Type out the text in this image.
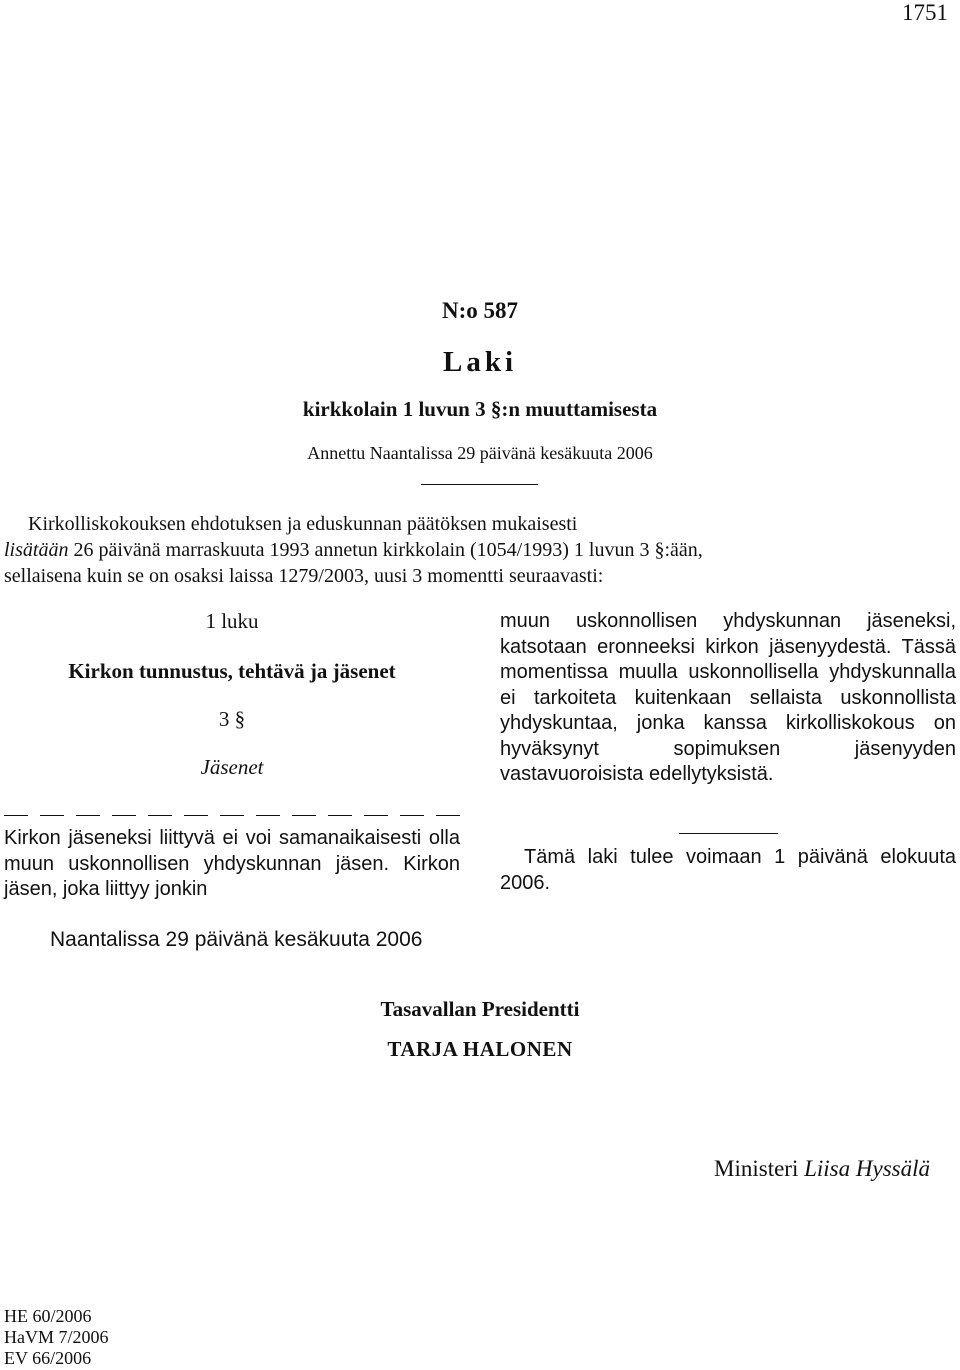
1751
N:o 587
Laki
kirkkolain 1 luvun 3 §:n muuttamisesta
Annettu Naantalissa 29 päivänä kesäkuuta 2006

Kirkolliskokouksen ehdotuksen ja eduskunnan päätöksen mukaisesti

lisätään 26 päivänä marraskuuta 1993 annetun kirkkolain (1054/1993) 1 luvun 3 §:ään,

sellaisena kuin se on osaksi laissa 1279/2003, uusi 3 momentti seuraavasti:

1 luku
Kirkon tunnustus, tehtävä ja jäsenet
3 §
Jäsenet
Kirkon jäseneksi liittyvä ei voi samanaikaisesti olla muun uskonnollisen yhdyskunnan jäsen. Kirkon jäsen, joka liittyy jonkin
muun uskonnollisen yhdyskunnan jäseneksi, katsotaan eronneeksi kirkon jäsenyydestä. Tässä momentissa muulla uskonnollisella yhdyskunnalla ei tarkoiteta kuitenkaan sellaista uskonnollista yhdyskuntaa, jonka kanssa kirkolliskokous on hyväksynyt sopimuksen jäsenyyden vastavuoroisista edellytyksistä.
Tämä laki tulee voimaan 1 päivänä elokuuta 2006.
Naantalissa 29 päivänä kesäkuuta 2006
Tasavallan Presidentti
TARJA HALONEN
Ministeri Liisa Hyssälä
HE 60/2006
HaVM 7/2006
EV 66/2006
